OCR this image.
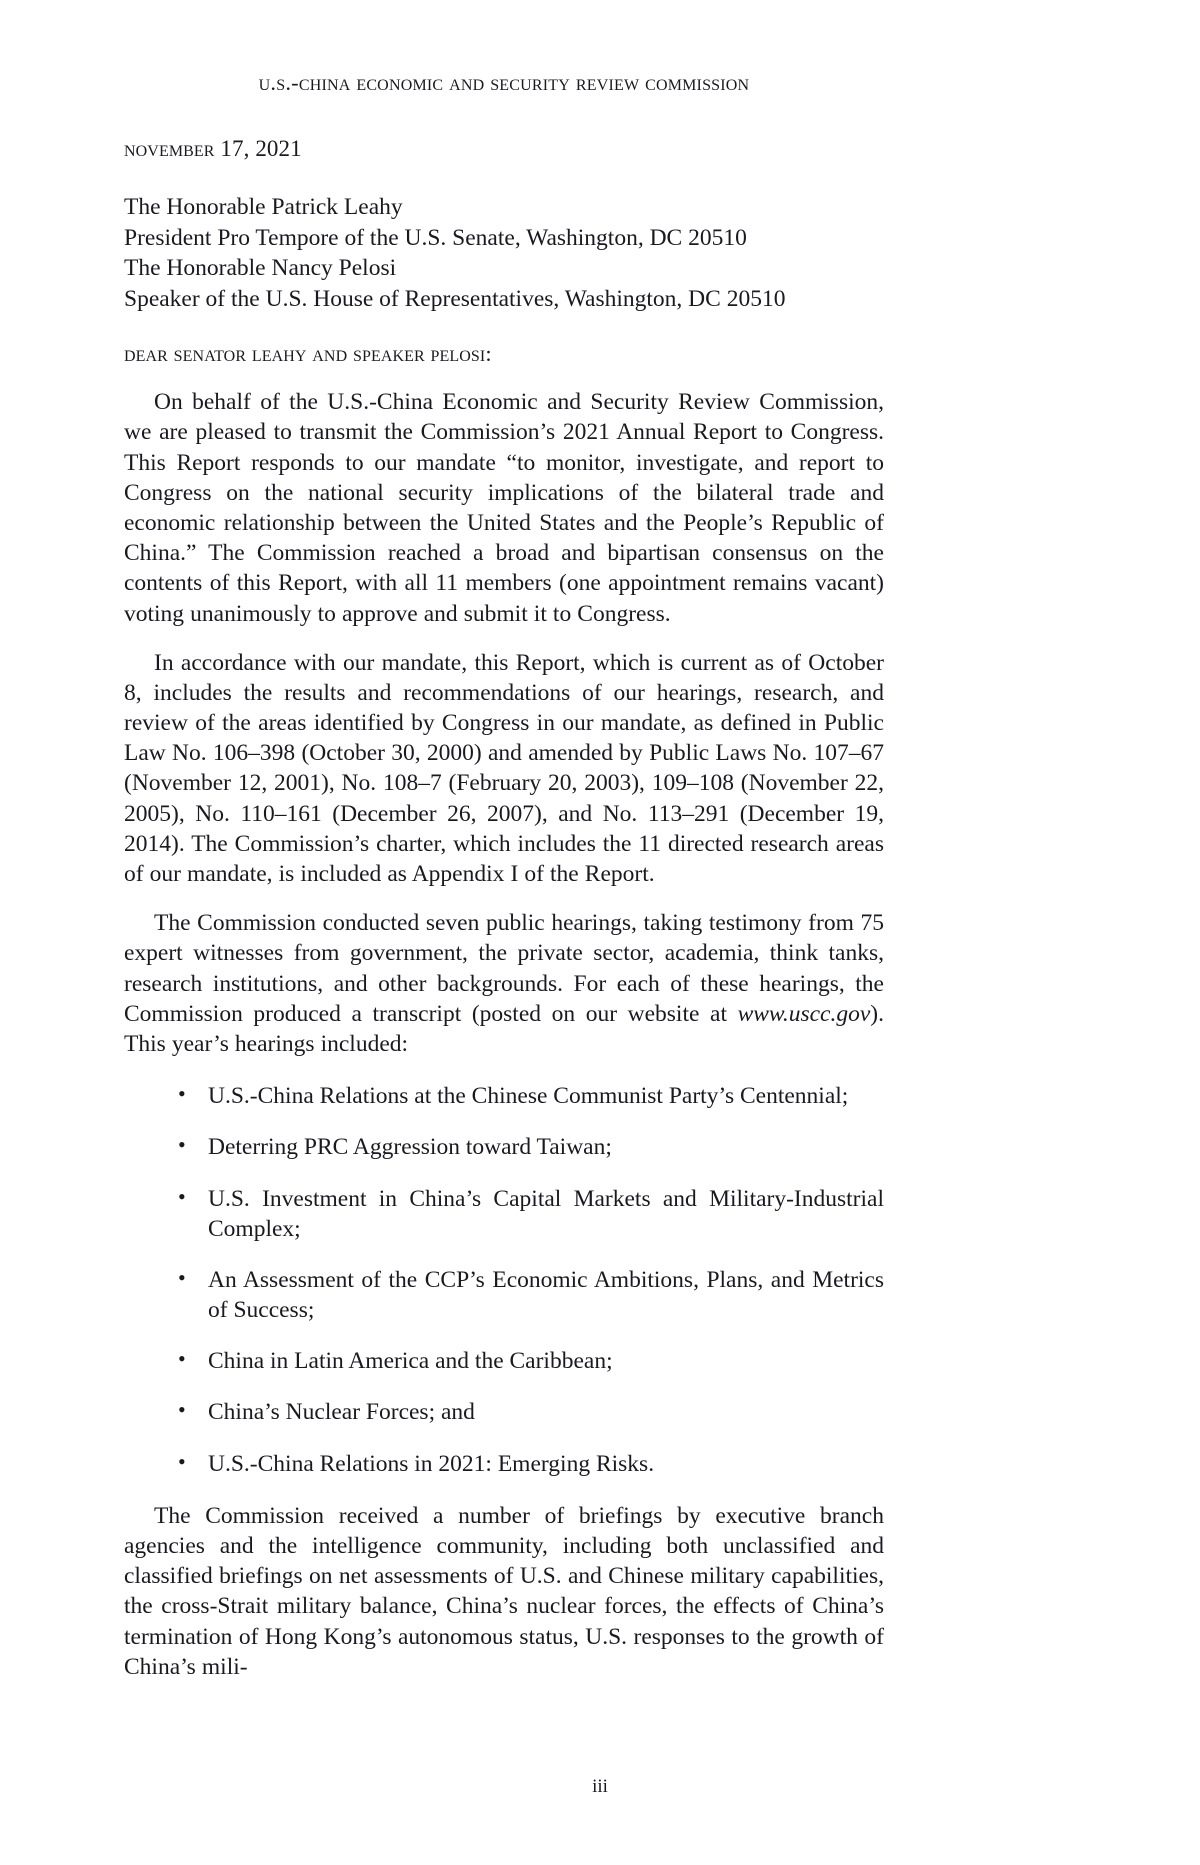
u.s.-china economic and security review commission
november 17, 2021
The Honorable Patrick Leahy
President Pro Tempore of the U.S. Senate, Washington, DC 20510
The Honorable Nancy Pelosi
Speaker of the U.S. House of Representatives, Washington, DC 20510
dear senator leahy and speaker pelosi:

On behalf of the U.S.-China Economic and Security Review Commission, we are pleased to transmit the Commission’s 2021 Annual Report to Congress. This Report responds to our mandate “to monitor, investigate, and report to Congress on the national security implications of the bilateral trade and economic relationship between the United States and the People’s Republic of China.” The Commission reached a broad and bipartisan consensus on the contents of this Report, with all 11 members (one appointment remains vacant) voting unanimously to approve and submit it to Congress.

In accordance with our mandate, this Report, which is current as of October 8, includes the results and recommendations of our hearings, research, and review of the areas identified by Congress in our mandate, as defined in Public Law No. 106–398 (October 30, 2000) and amended by Public Laws No. 107–67 (November 12, 2001), No. 108–7 (February 20, 2003), 109–108 (November 22, 2005), No. 110–161 (December 26, 2007), and No. 113–291 (December 19, 2014). The Commission’s charter, which includes the 11 directed research areas of our mandate, is included as Appendix I of the Report.

The Commission conducted seven public hearings, taking testimony from 75 expert witnesses from government, the private sector, academia, think tanks, research institutions, and other backgrounds. For each of these hearings, the Commission produced a transcript (posted on our website at www.uscc.gov). This year’s hearings included:

• U.S.-China Relations at the Chinese Communist Party’s Centennial;
• Deterring PRC Aggression toward Taiwan;
• U.S. Investment in China’s Capital Markets and Military-Industrial Complex;
• An Assessment of the CCP’s Economic Ambitions, Plans, and Metrics of Success;
• China in Latin America and the Caribbean;
• China’s Nuclear Forces; and
• U.S.-China Relations in 2021: Emerging Risks.

The Commission received a number of briefings by executive branch agencies and the intelligence community, including both unclassified and classified briefings on net assessments of U.S. and Chinese military capabilities, the cross-Strait military balance, China’s nuclear forces, the effects of China’s termination of Hong Kong’s autonomous status, U.S. responses to the growth of China’s mili-

iii
